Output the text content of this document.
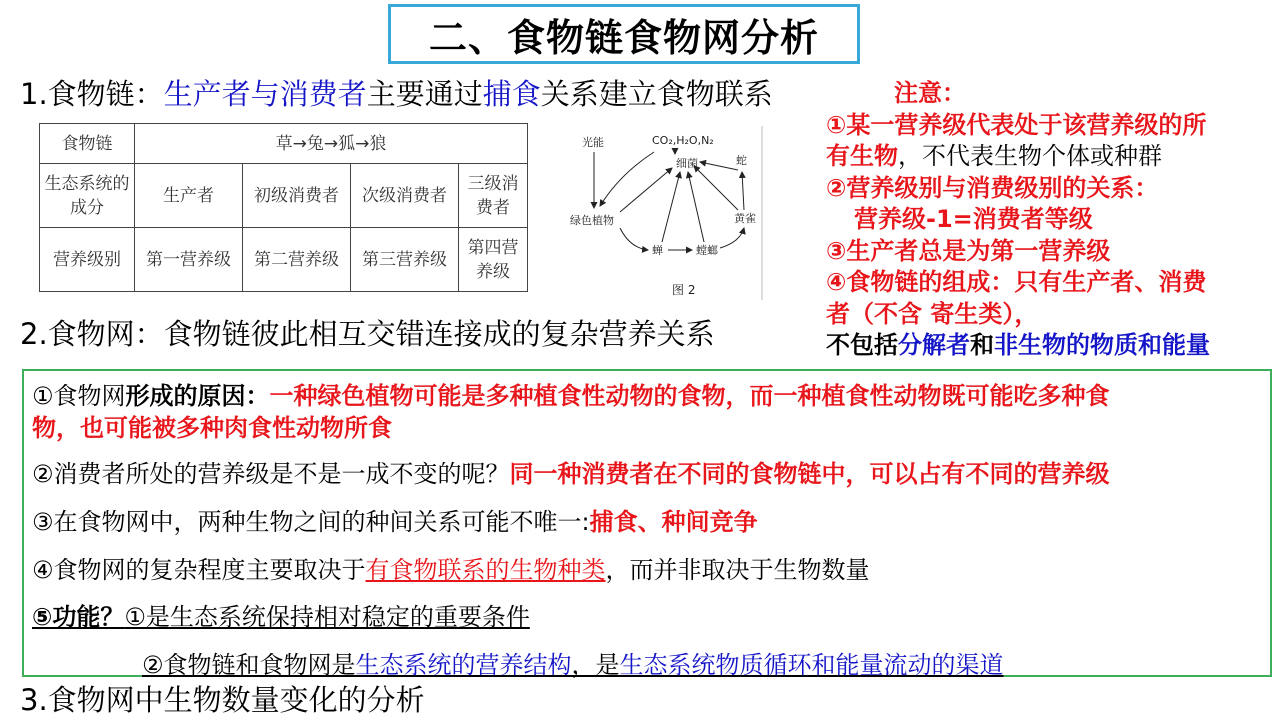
二、食物链食物网分析
1.食物链：生产者与消费者主要通过捕食关系建立食物联系
食物链	草→兔→狐→狼			
生态系统的成分	生产者	初级消费者	次级消费者	三级消费者
营养级别	第一营养级	第二营养级	第三营养级	第四营养级
光能	CO₂,H₂O,N₂
细菌	蛇
绿色植物	黄雀
蝉	螳螂
图 2
2.食物网：食物链彼此相互交错连接成的复杂营养关系
注意：
①某一营养级代表处于该营养级的所
有生物，不代表生物个体或种群
②营养级别与消费级别的关系：
营养级-1=消费者等级
③生产者总是为第一营养级
④食物链的组成：只有生产者、消费
者（不含 寄生类），
不包括分解者和非生物的物质和能量
①食物网形成的原因：一种绿色植物可能是多种植食性动物的食物，而一种植食性动物既可能吃多种食
物，也可能被多种肉食性动物所食
②消费者所处的营养级是不是一成不变的呢？同一种消费者在不同的食物链中，可以占有不同的营养级
③在食物网中，两种生物之间的种间关系可能不唯一:捕食、种间竞争
④食物网的复杂程度主要取决于有食物联系的生物种类，而并非取决于生物数量
⑤功能？①是生态系统保持相对稳定的重要条件
②食物链和食物网是生态系统的营养结构，是生态系统物质循环和能量流动的渠道
3.食物网中生物数量变化的分析
